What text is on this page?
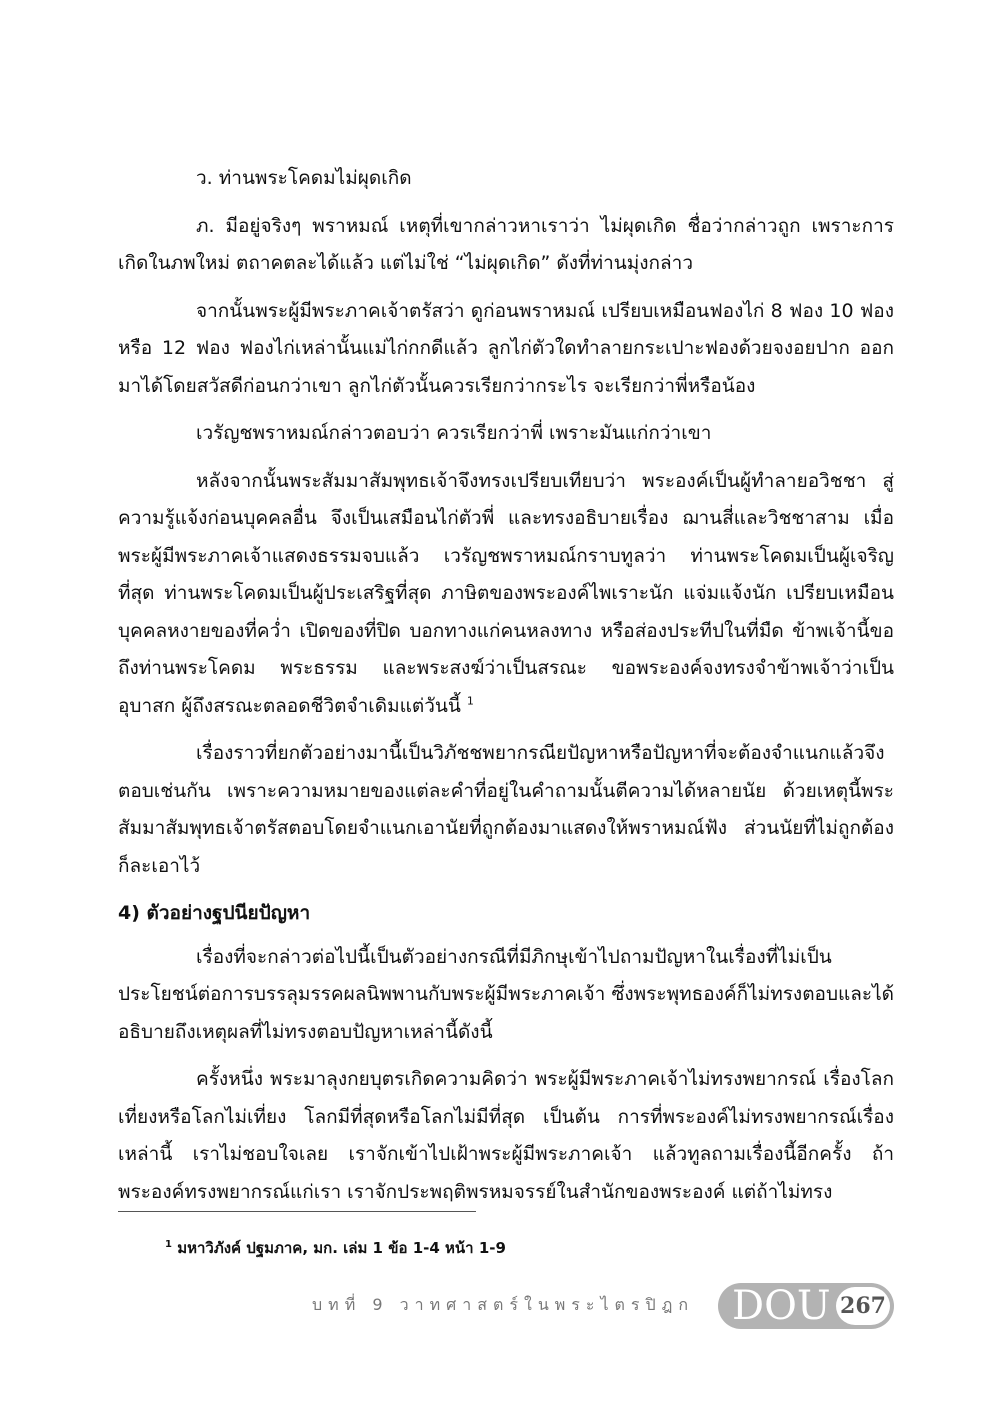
ว. ท่านพระโคดมไม่ผุดเกิด

ภ. มีอยู่จริงๆ พราหมณ์ เหตุที่เขากล่าวหาเราว่า ไม่ผุดเกิด ชื่อว่ากล่าวถูก เพราะการเกิดในภพใหม่ ตถาคตละได้แล้ว แต่ไม่ใช่ “ไม่ผุดเกิด” ดังที่ท่านมุ่งกล่าว

จากนั้นพระผู้มีพระภาคเจ้าตรัสว่า ดูก่อนพราหมณ์ เปรียบเหมือนฟองไก่ 8 ฟอง 10 ฟอง หรือ 12 ฟอง ฟองไก่เหล่านั้นแม่ไก่กกดีแล้ว ลูกไก่ตัวใดทำลายกระเปาะฟองด้วยจงอยปาก ออกมาได้โดยสวัสดีก่อนกว่าเขา ลูกไก่ตัวนั้นควรเรียกว่ากระไร จะเรียกว่าพี่หรือน้อง

เวรัญชพราหมณ์กล่าวตอบว่า ควรเรียกว่าพี่ เพราะมันแก่กว่าเขา

หลังจากนั้นพระสัมมาสัมพุทธเจ้าจึงทรงเปรียบเทียบว่า พระองค์เป็นผู้ทำลายอวิชชา สู่ความรู้แจ้งก่อนบุคคลอื่น จึงเป็นเสมือนไก่ตัวพี่ และทรงอธิบายเรื่อง ฌานสี่และวิชชาสาม เมื่อพระผู้มีพระภาคเจ้าแสดงธรรมจบแล้ว เวรัญชพราหมณ์กราบทูลว่า ท่านพระโคดมเป็นผู้เจริญที่สุด ท่านพระโคดมเป็นผู้ประเสริฐที่สุด ภาษิตของพระองค์ไพเราะนัก แจ่มแจ้งนัก เปรียบเหมือนบุคคลหงายของที่คว่ำ เปิดของที่ปิด บอกทางแก่คนหลงทาง หรือส่องประทีปในที่มืด ข้าพเจ้านี้ขอถึงท่านพระโคดม พระธรรม และพระสงฆ์ว่าเป็นสรณะ ขอพระองค์จงทรงจำข้าพเจ้าว่าเป็นอุบาสก ผู้ถึงสรณะตลอดชีวิตจำเดิมแต่วันนี้ $^1$

เรื่องราวที่ยกตัวอย่างมานี้เป็นวิภัชชพยากรณียปัญหาหรือปัญหาที่จะต้องจำแนกแล้วจึงตอบเช่นกัน เพราะความหมายของแต่ละคำที่อยู่ในคำถามนั้นตีความได้หลายนัย ด้วยเหตุนี้พระสัมมาสัมพุทธเจ้าตรัสตอบโดยจำแนกเอานัยที่ถูกต้องมาแสดงให้พราหมณ์ฟัง ส่วนนัยที่ไม่ถูกต้องก็ละเอาไว้

4) ตัวอย่างฐปนียปัญหา

เรื่องที่จะกล่าวต่อไปนี้เป็นตัวอย่างกรณีที่มีภิกษุเข้าไปถามปัญหาในเรื่องที่ไม่เป็นประโยชน์ต่อการบรรลุมรรคผลนิพพานกับพระผู้มีพระภาคเจ้า ซึ่งพระพุทธองค์ก็ไม่ทรงตอบและได้อธิบายถึงเหตุผลที่ไม่ทรงตอบปัญหาเหล่านี้ดังนี้

ครั้งหนึ่ง พระมาลุงกยบุตรเกิดความคิดว่า พระผู้มีพระภาคเจ้าไม่ทรงพยากรณ์ เรื่องโลกเที่ยงหรือโลกไม่เที่ยง โลกมีที่สุดหรือโลกไม่มีที่สุด เป็นต้น การที่พระองค์ไม่ทรงพยากรณ์เรื่องเหล่านี้ เราไม่ชอบใจเลย เราจักเข้าไปเฝ้าพระผู้มีพระภาคเจ้า แล้วทูลถามเรื่องนี้อีกครั้ง ถ้าพระองค์ทรงพยากรณ์แก่เรา เราจักประพฤติพรหมจรรย์ในสำนักของพระองค์ แต่ถ้าไม่ทรง

$^1$ มหาวิภังค์ ปฐมภาค, มก. เล่ม 1 ข้อ 1-4 หน้า 1-9
บทที่ 9 วาทศาสตร์ในพระไตรปิฎก DOU 267
